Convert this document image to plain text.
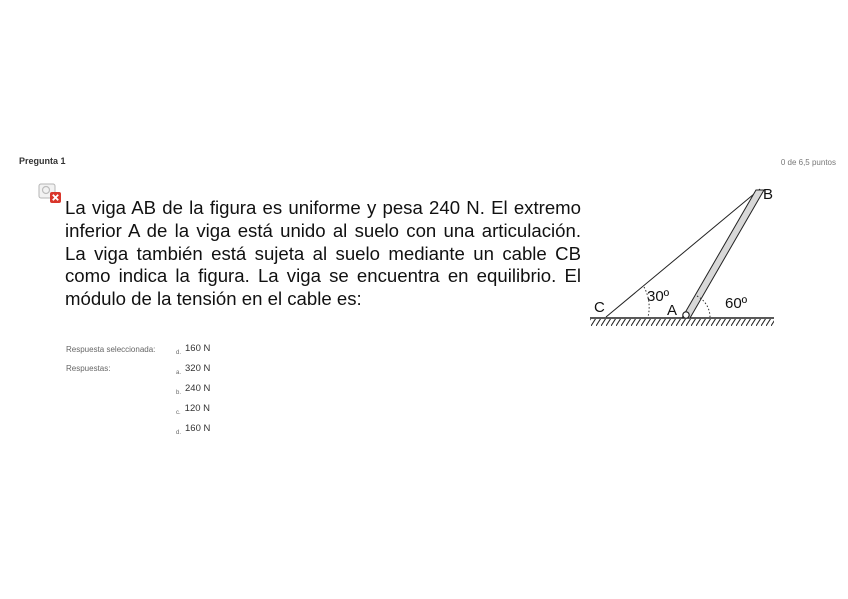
Pregunta 1	0 de 6,5 puntos
La viga AB de la figura es uniforme y pesa 240 N. El extremo inferior A de la viga está unido al suelo con una articulación. La viga también está sujeta al suelo mediante un cable CB como indica la figura. La viga se encuentra en equilibrio. El módulo de la tensión en el cable es:
B
C	A
30º	60º
Respuesta seleccionada:	$_{d.}$ 160 N
Respuestas:	$_{a.}$ 320 N
$_{b.}$ 240 N
$_{c.}$ 120 N
$_{d.}$ 160 N
